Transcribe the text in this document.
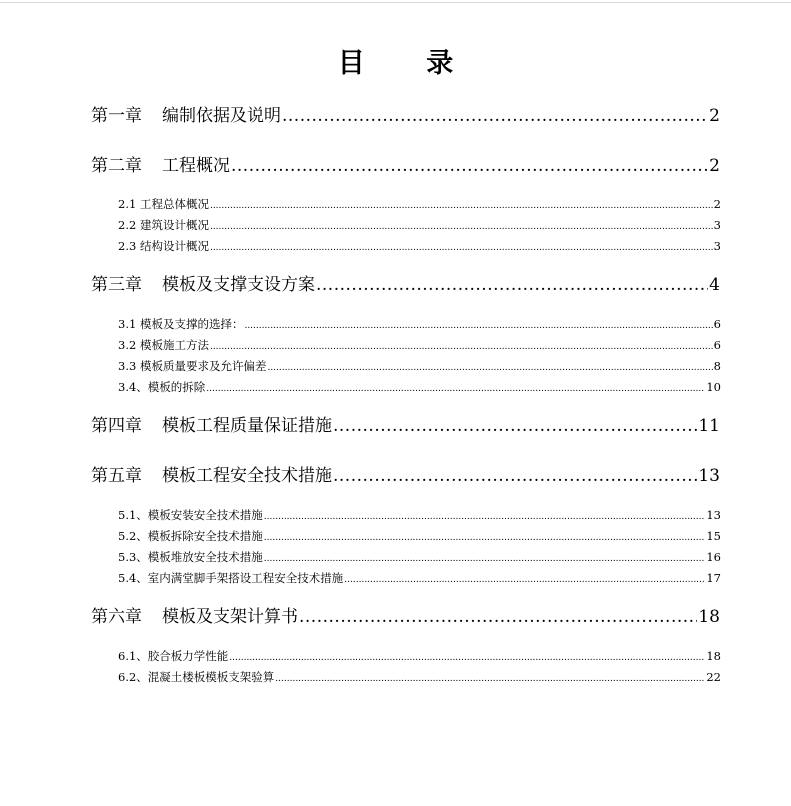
目 录
第一章 编制依据及说明 .....	2
第二章 工程概况 .....	2
2.1 工程总体概况 .....	2
2.2 建筑设计概况 .....	3
2.3 结构设计概况 .....	3
第三章 模板及支撑支设方案 .....	4
3.1 模板及支撑的选择： .....	6
3.2 模板施工方法 .....	6
3.3 模板质量要求及允许偏差 .....	8
3.4、模板的拆除 .....	10
第四章 模板工程质量保证措施 .....	11
第五章 模板工程安全技术措施 .....	13
5.1、模板安装安全技术措施 .....	13
5.2、模板拆除安全技术措施 .....	15
5.3、模板堆放安全技术措施 .....	16
5.4、室内满堂脚手架搭设工程安全技术措施 .....	17
第六章 模板及支架计算书 .....	18
6.1、胶合板力学性能 .....	18
6.2、混凝土楼板模板支架验算 .....	22
